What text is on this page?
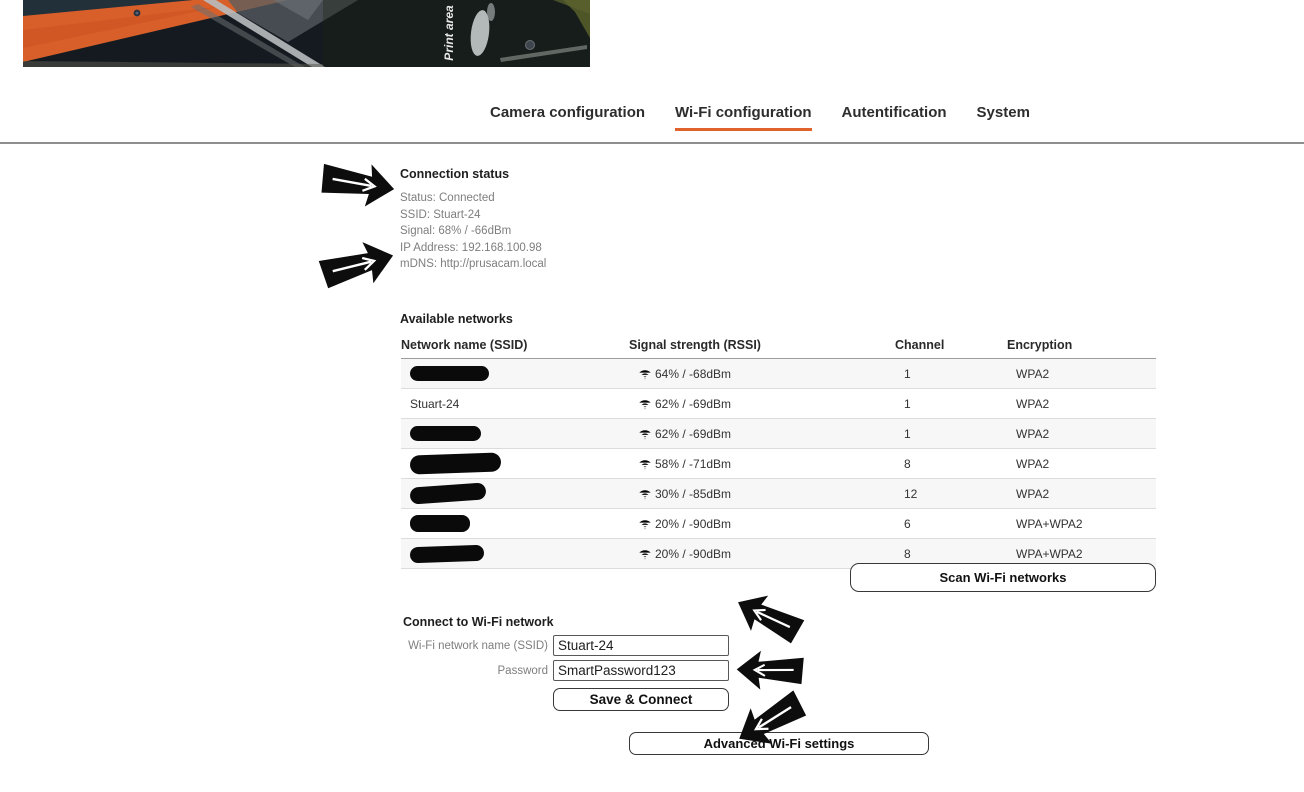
Print area
Camera configuration Wi-Fi configuration Autentification System
Connection status
Status: Connected
SSID: Stuart-24
Signal: 68% / -66dBm
IP Address: 192.168.100.98
mDNS: http://prusacam.local
Available networks
Network name (SSID)	Signal strength (RSSI)	Channel	Encryption
	64% / -68dBm	1	WPA2
Stuart-24	62% / -69dBm	1	WPA2
	62% / -69dBm	1	WPA2
	58% / -71dBm	8	WPA2
	30% / -85dBm	12	WPA2
	20% / -90dBm	6	WPA+WPA2
	20% / -90dBm	8	WPA+WPA2
Scan Wi-Fi networks
Connect to Wi-Fi network
Wi-Fi network name (SSID)
Stuart-24
Password
SmartPassword123
Save & Connect
Advanced Wi-Fi settings
